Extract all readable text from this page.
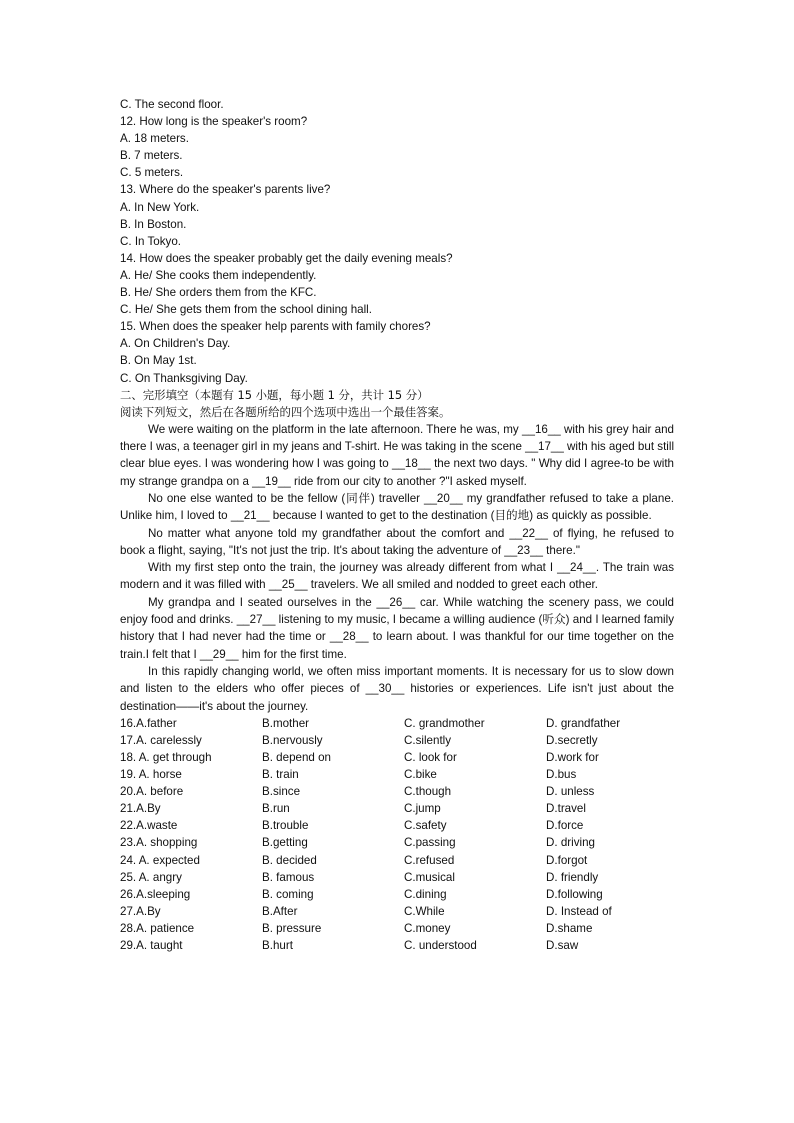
C. The second floor.
12. How long is the speaker's room?
A. 18 meters.
B. 7 meters.
C. 5 meters.
13. Where do the speaker's parents live?
A. In New York.
B. In Boston.
C. In Tokyo.
14. How does the speaker probably get the daily evening meals?
A. He/ She cooks them independently.
B. He/ She orders them from the KFC.
C. He/ She gets them from the school dining hall.
15. When does the speaker help parents with family chores?
A. On Children's Day.
B. On May 1st.
C. On Thanksgiving Day.
二、完形填空（本题有 15 小题，每小题 1 分，共计 15 分）
阅读下列短文，然后在各题所给的四个选项中选出一个最佳答案。

We were waiting on the platform in the late afternoon. There he was, my __16__ with his grey hair and there I was, a teenager girl in my jeans and T-shirt. He was taking in the scene __17__ with his aged but still clear blue eyes. I was wondering how I was going to __18__ the next two days. " Why did I agree-to be with my strange grandpa on a __19__ ride from our city to another ?"I asked myself.

No one else wanted to be the fellow (同伴) traveller __20__ my grandfather refused to take a plane. Unlike him, I loved to __21__ because I wanted to get to the destination (目的地) as quickly as possible.

No matter what anyone told my grandfather about the comfort and __22__ of flying, he refused to book a flight, saying, "It's not just the trip. It's about taking the adventure of __23__ there."

With my first step onto the train, the journey was already different from what I __24__. The train was modern and it was filled with __25__ travelers. We all smiled and nodded to greet each other.

My grandpa and I seated ourselves in the __26__ car. While watching the scenery pass, we could enjoy food and drinks. __27__ listening to my music, I became a willing audience (听众) and I learned family history that I had never had the time or __28__ to learn about. I was thankful for our time together on the train.I felt that I __29__ him for the first time.

In this rapidly changing world, we often miss important moments. It is necessary for us to slow down and listen to the elders who offer pieces of __30__ histories or experiences. Life isn't just about the destination——it's about the journey.

16.A.father	B.mother	C. grandmother	D. grandfather
17.A. carelessly	B.nervously	C.silently	D.secretly
18. A. get through	B. depend on	C. look for	D.work for
19. A. horse	B. train	C.bike	D.bus
20.A. before	B.since	C.though	D. unless
21.A.By	B.run	C.jump	D.travel
22.A.waste	B.trouble	C.safety	D.force
23.A. shopping	B.getting	C.passing	D. driving
24. A. expected	B. decided	C.refused	D.forgot
25. A. angry	B. famous	C.musical	D. friendly
26.A.sleeping	B. coming	C.dining	D.following
27.A.By	B.After	C.While	D. Instead of
28.A. patience	B. pressure	C.money	D.shame
29.A. taught	B.hurt	C. understood	D.saw
